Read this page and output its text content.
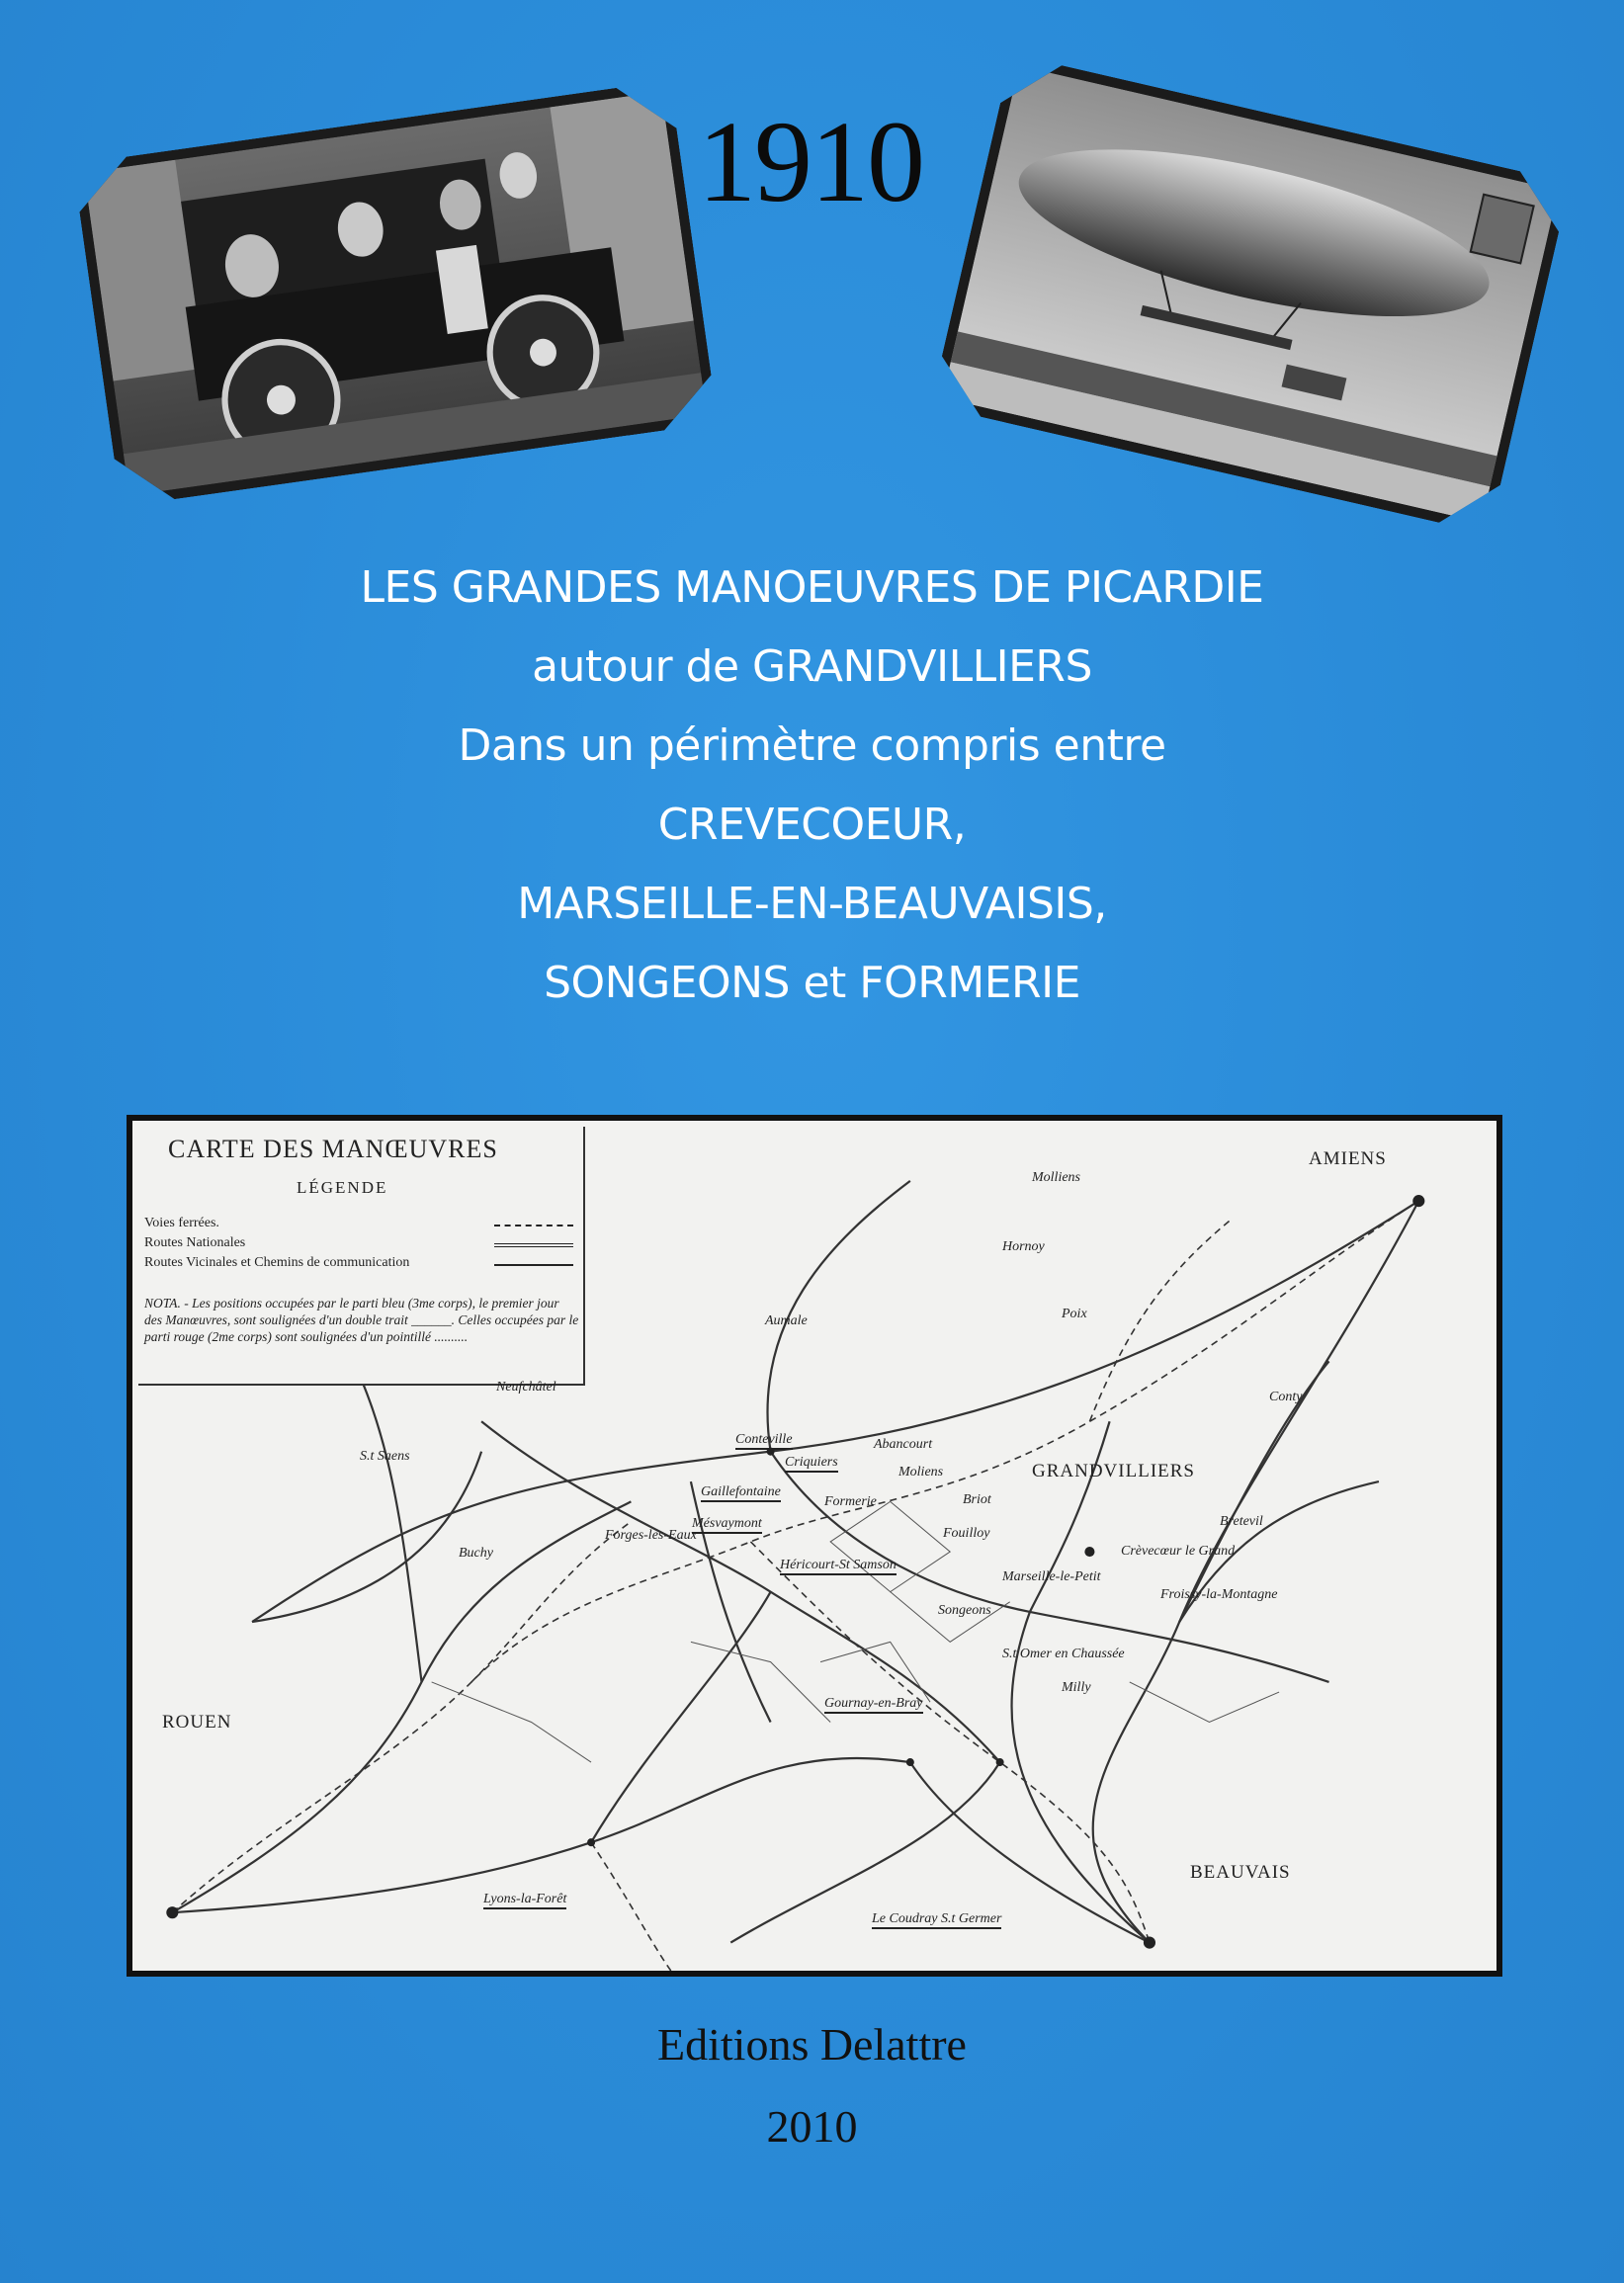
1910
LES GRANDES MANOEUVRES DE PICARDIE
autour de GRANDVILLIERS
Dans un périmètre compris entre
CREVECOEUR,
MARSEILLE-EN-BEAUVAISIS,
SONGEONS et FORMERIE
CARTE DES MANŒUVRES
LÉGENDE
Voies ferrées.
Routes Nationales
Routes Vicinales et Chemins de communication
NOTA. - Les positions occupées par le parti bleu (3me corps), le premier jour des Manœuvres, sont soulignées d'un double trait ______. Celles occupées par le parti rouge (2me corps) sont soulignées d'un pointillé ..........
AMIENS
Molliens
Hornoy
Poix
Aumale
Conty
Neufchâtel
S.t Saens
Conteville	Abancourt
Criquiers
Moliens	GRANDVILLIERS
Gaillefontaine
Formerie	Briot
Bretevil
Forges-les-Eaux
Mésvaymont
Fouilloy
Crèvecœur le Grand
Héricourt-St Samson
Buchy
Marseille-le-Petit
Froissy-la-Montagne
Songeons
S.t Omer en Chaussée
ROUEN
Gournay-en-Bray
Milly
BEAUVAIS
Lyons-la-Forêt
Le Coudray S.t Germer
Editions Delattre
2010
